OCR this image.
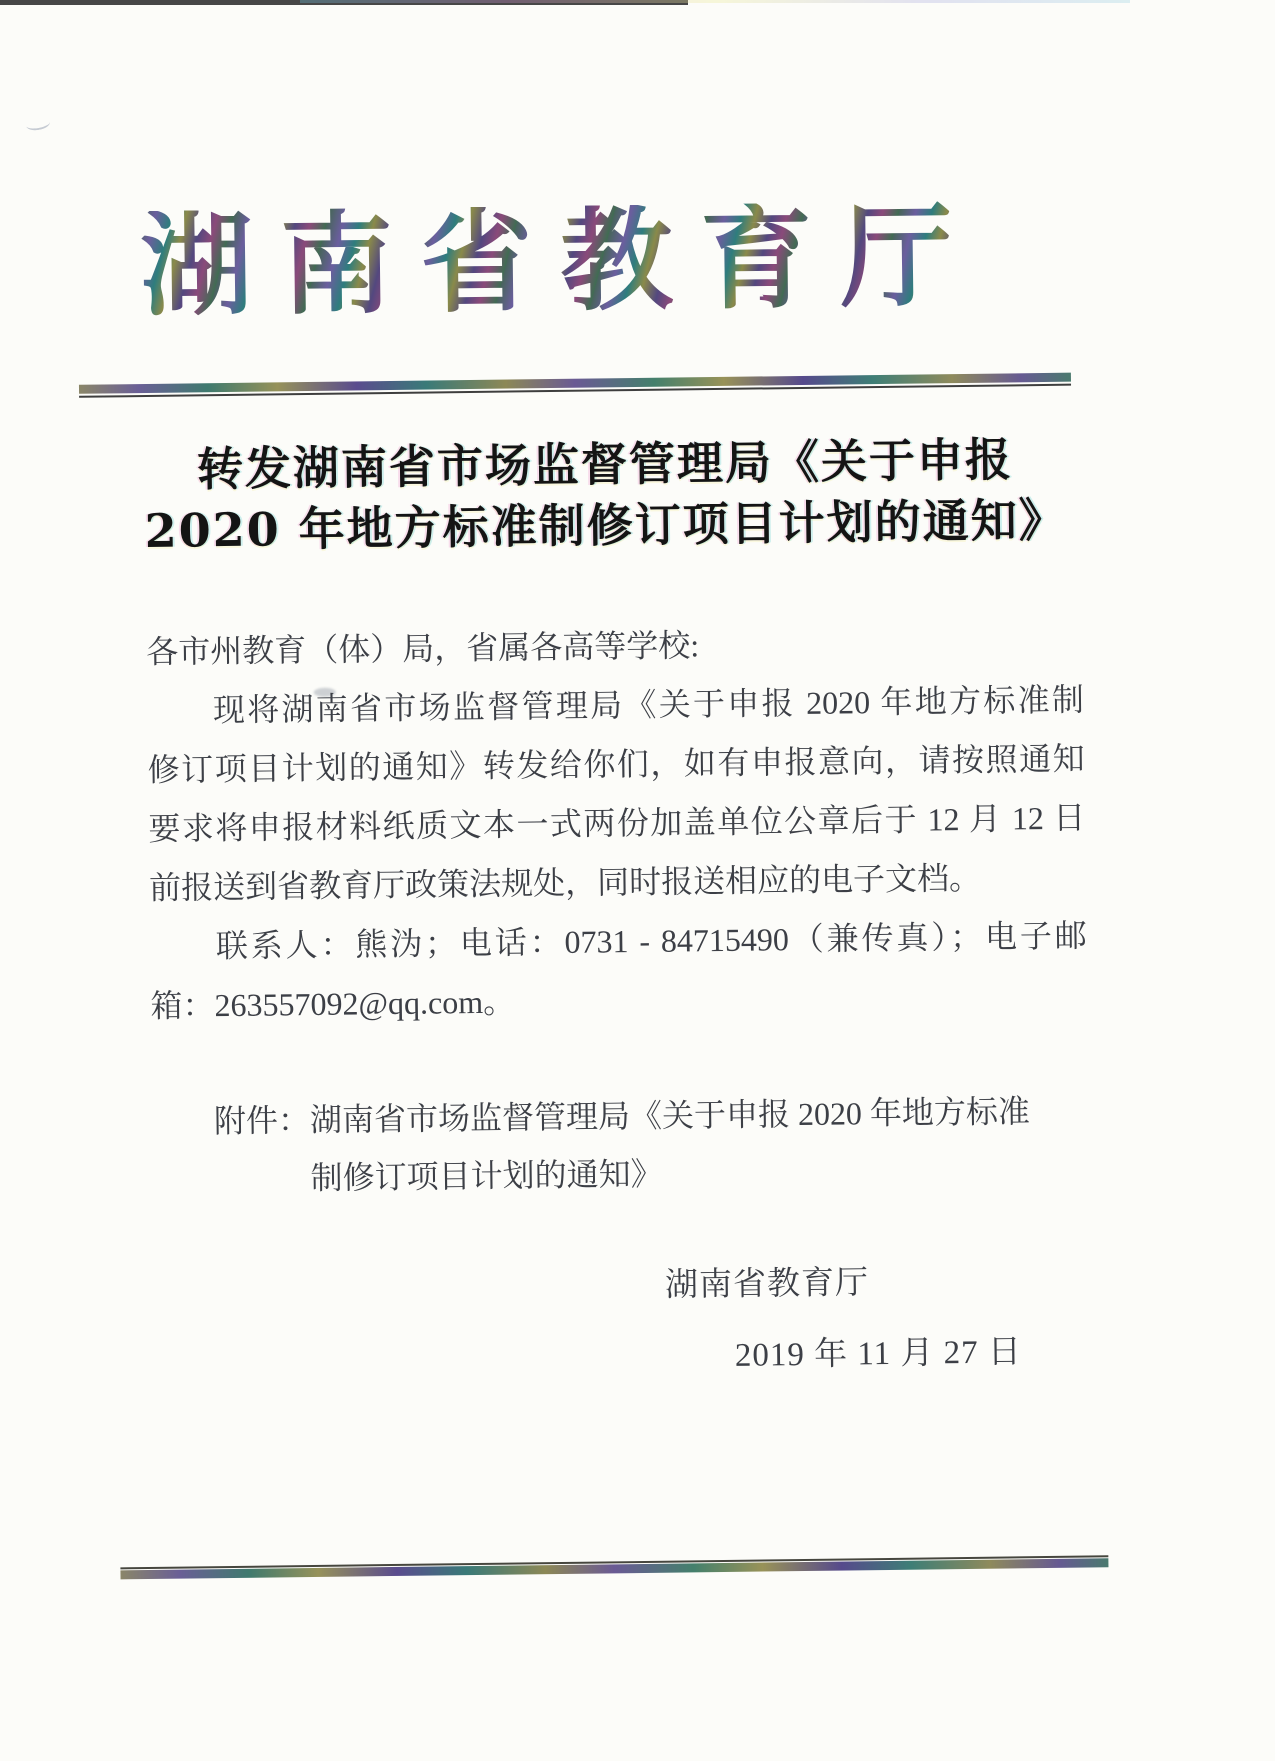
湖 南 省 教 育 厅
转发湖南省市场监督管理局《关于申报
2020 年地方标准制修订项目计划的通知》
各市州教育（体）局，省属各高等学校:
现将湖南省市场监督管理局《关于申报 2020 年地方标准制
修订项目计划的通知》转发给你们，如有申报意向，请按照通知
要求将申报材料纸质文本一式两份加盖单位公章后于 12 月 12 日
前报送到省教育厅政策法规处，同时报送相应的电子文档。
联系人：熊沩；电话：0731 - 84715490（兼传真）；电子邮
箱：263557092@qq.com。
附件： 湖南省市场监督管理局《关于申报 2020 年地方标准
制修订项目计划的通知》
湖南省教育厅
2019 年 11 月 27 日
